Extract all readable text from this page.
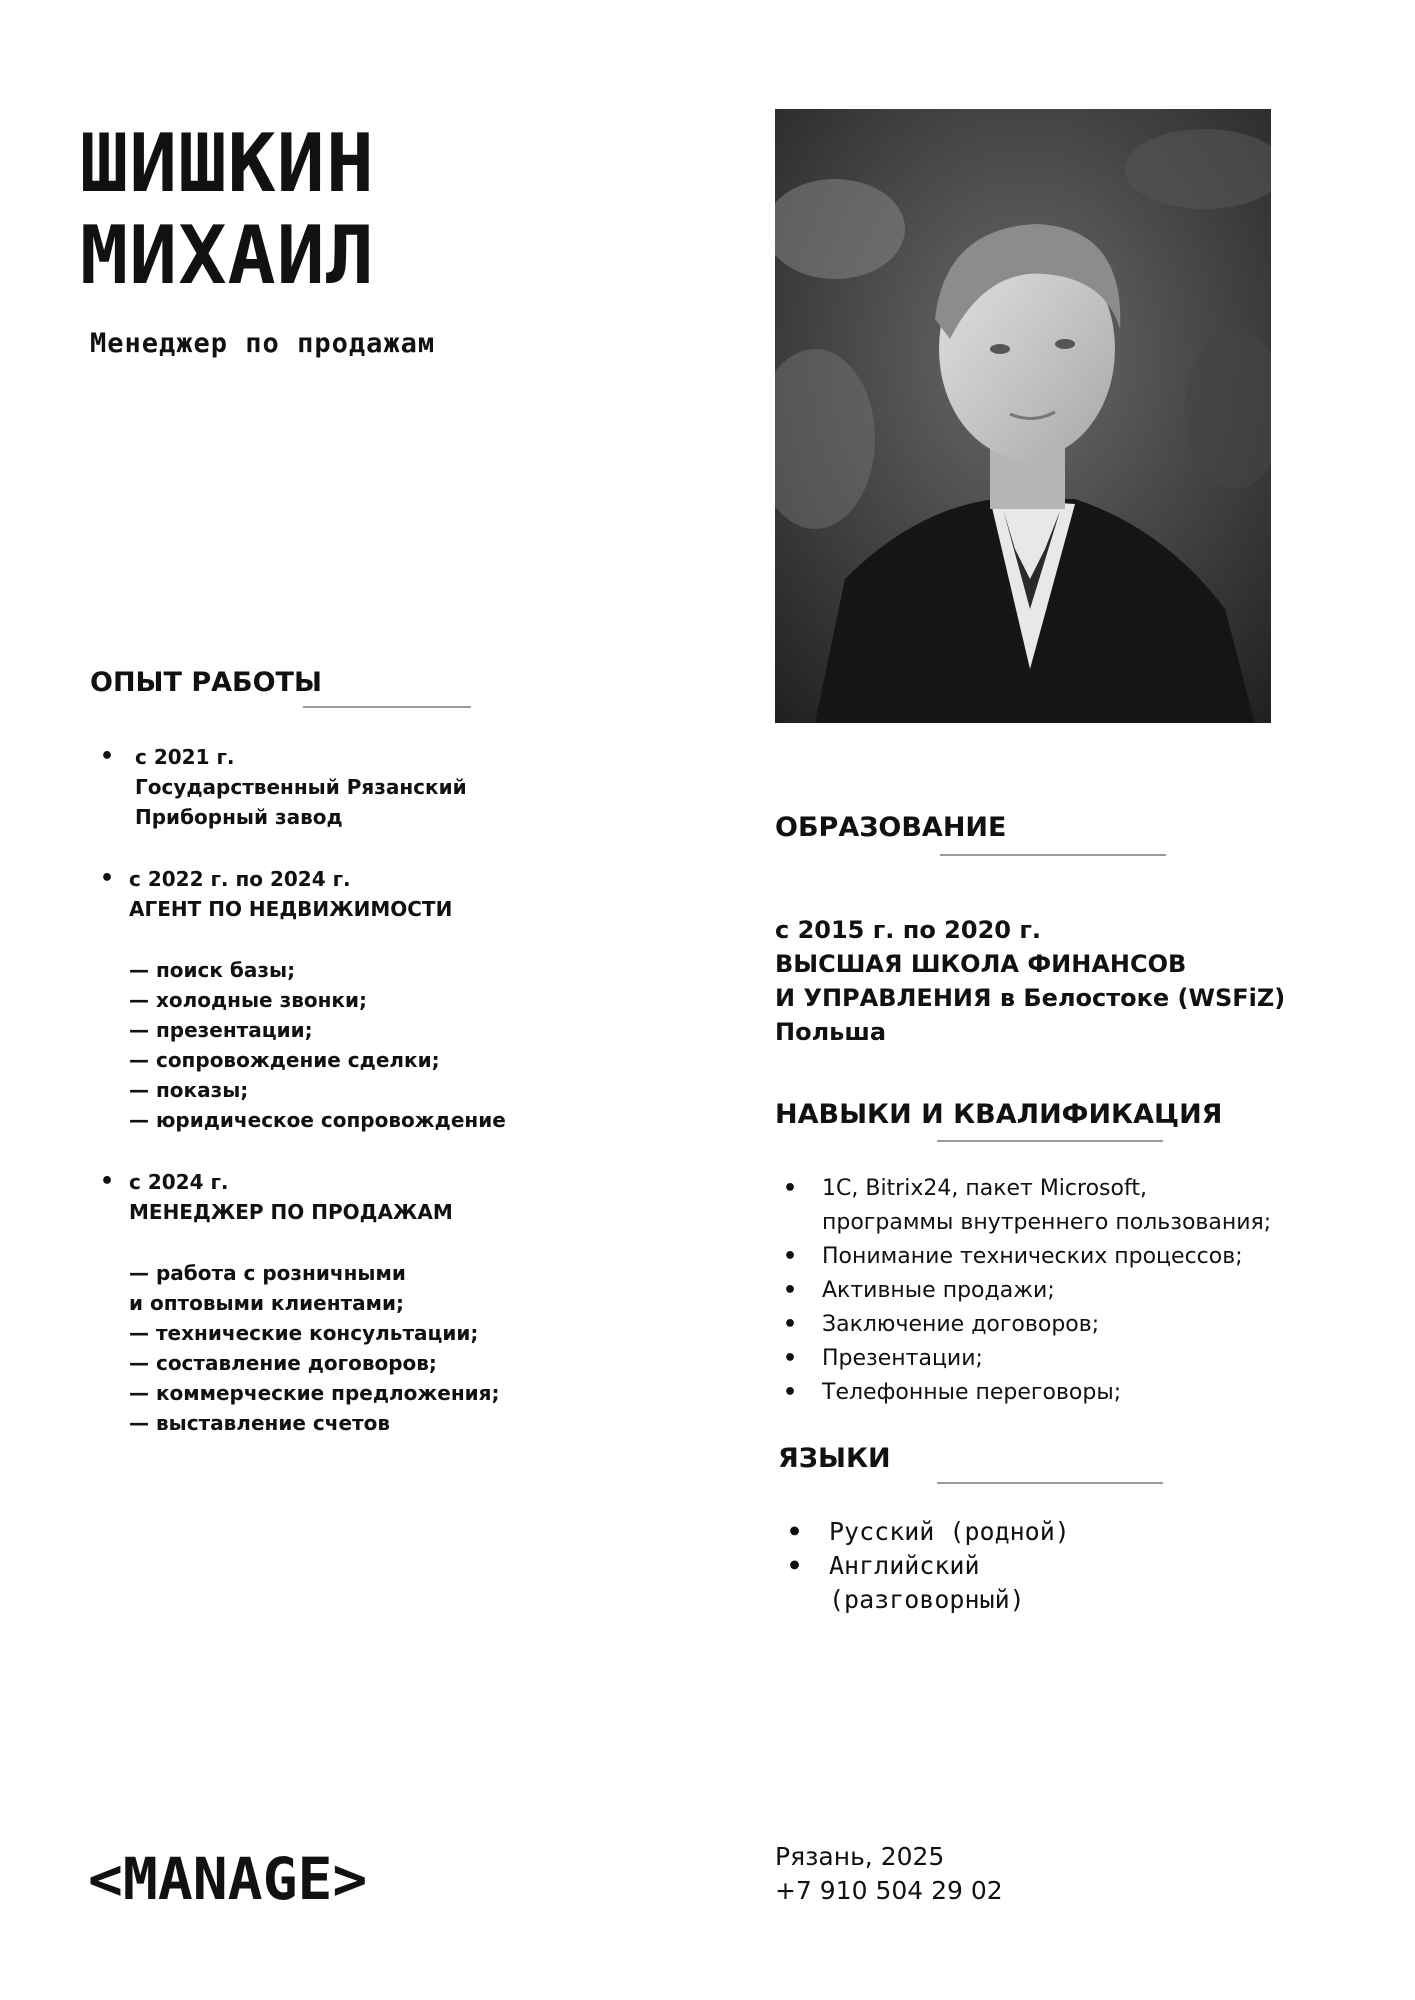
ШИШКИН
МИХАИЛ
Менеджер по продажам
ОПЫТ РАБОТЫ
• с 2021 г.
Государственный Рязанский
Приборный завод
• с 2022 г. по 2024 г.
АГЕНТ ПО НЕДВИЖИМОСТИ
— поиск базы;
— холодные звонки;
— презентации;
— сопровождение сделки;
— показы;
— юридическое сопровождение
• с 2024 г.
МЕНЕДЖЕР ПО ПРОДАЖАМ
— работа с розничными
и оптовыми клиентами;
— технические консультации;
— составление договоров;
— коммерческие предложения;
— выставление счетов
ОБРАЗОВАНИЕ
с 2015 г. по 2020 г.
ВЫСШАЯ ШКОЛА ФИНАНСОВ
И УПРАВЛЕНИЯ в Белостоке (WSFiZ)
Польша
НАВЫКИ И КВАЛИФИКАЦИЯ
• 1С, Bitrix24, пакет Microsoft,
программы внутреннего пользования;
• Понимание технических процессов;
• Активные продажи;
• Заключение договоров;
• Презентации;
• Телефонные переговоры;
ЯЗЫКИ
• Русский (родной)
• Английский
(разговорный)
<MANAGE>	Рязань, 2025
+7 910 504 29 02
